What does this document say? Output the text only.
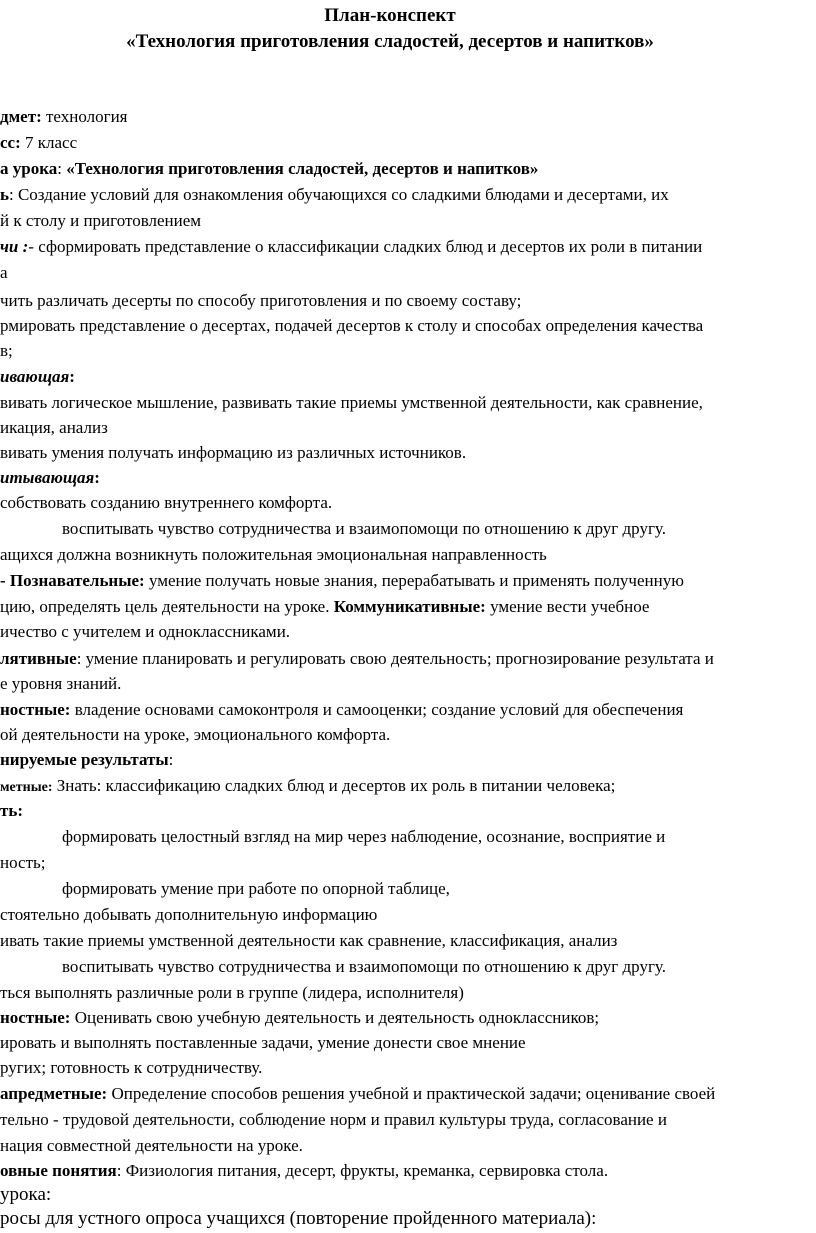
План-конспект
«Технология приготовления сладостей, десертов и напитков»
дмет: технология
сс: 7 класс
а урока: «Технология приготовления сладостей, десертов и напитков»
ь: Создание условий для ознакомления обучающихся со сладкими блюдами и десертами, их
й к столу и приготовлением
чи :- сформировать представление о классификации сладких блюд и десертов их роли в питании
а
чить различать десерты по способу приготовления и по своему составу;
рмировать представление о десертах, подачей десертов к столу и способах определения качества
в;
ивающая:
вивать логическое мышление, развивать такие приемы умственной деятельности, как сравнение,
икация, анализ
вивать умения получать информацию из различных источников.
итывающая:
собствовать созданию внутреннего комфорта.
воспитывать чувство сотрудничества и взаимопомощи по отношению к друг другу.
ащихся должна возникнуть положительная эмоциональная направленность
- Познавательные: умение получать новые знания, перерабатывать и применять полученную
цию, определять цель деятельности на уроке. Коммуникативные: умение вести учебное
ичество с учителем и одноклассниками.
лятивные: умение планировать и регулировать свою деятельность; прогнозирование результата и
е уровня знаний.
ностные: владение основами самоконтроля и самооценки; создание условий для обеспечения
ой деятельности на уроке, эмоционального комфорта.
нируемые результаты:
метные: Знать: классификацию сладких блюд и десертов их роль в питании человека;
ть:
формировать целостный взгляд на мир через наблюдение, осознание, восприятие и
ность;
формировать умение при работе по опорной таблице,
стоятельно добывать дополнительную информацию
ивать такие приемы умственной деятельности как сравнение, классификация, анализ
воспитывать чувство сотрудничества и взаимопомощи по отношению к друг другу.
ться выполнять различные роли в группе (лидера, исполнителя)
ностные: Оценивать свою учебную деятельность и деятельность одноклассников;
ировать и выполнять поставленные задачи, умение донести свое мнение
ругих; готовность к сотрудничеству.
апредметные: Определение способов решения учебной и практической задачи; оценивание своей
тельно - трудовой деятельности, соблюдение норм и правил культуры труда, согласование и
нация совместной деятельности на уроке.
овные понятия: Физиология питания, десерт, фрукты, креманка, сервировка стола.
урока:
росы для устного опроса учащихся (повторение пройденного материала):
